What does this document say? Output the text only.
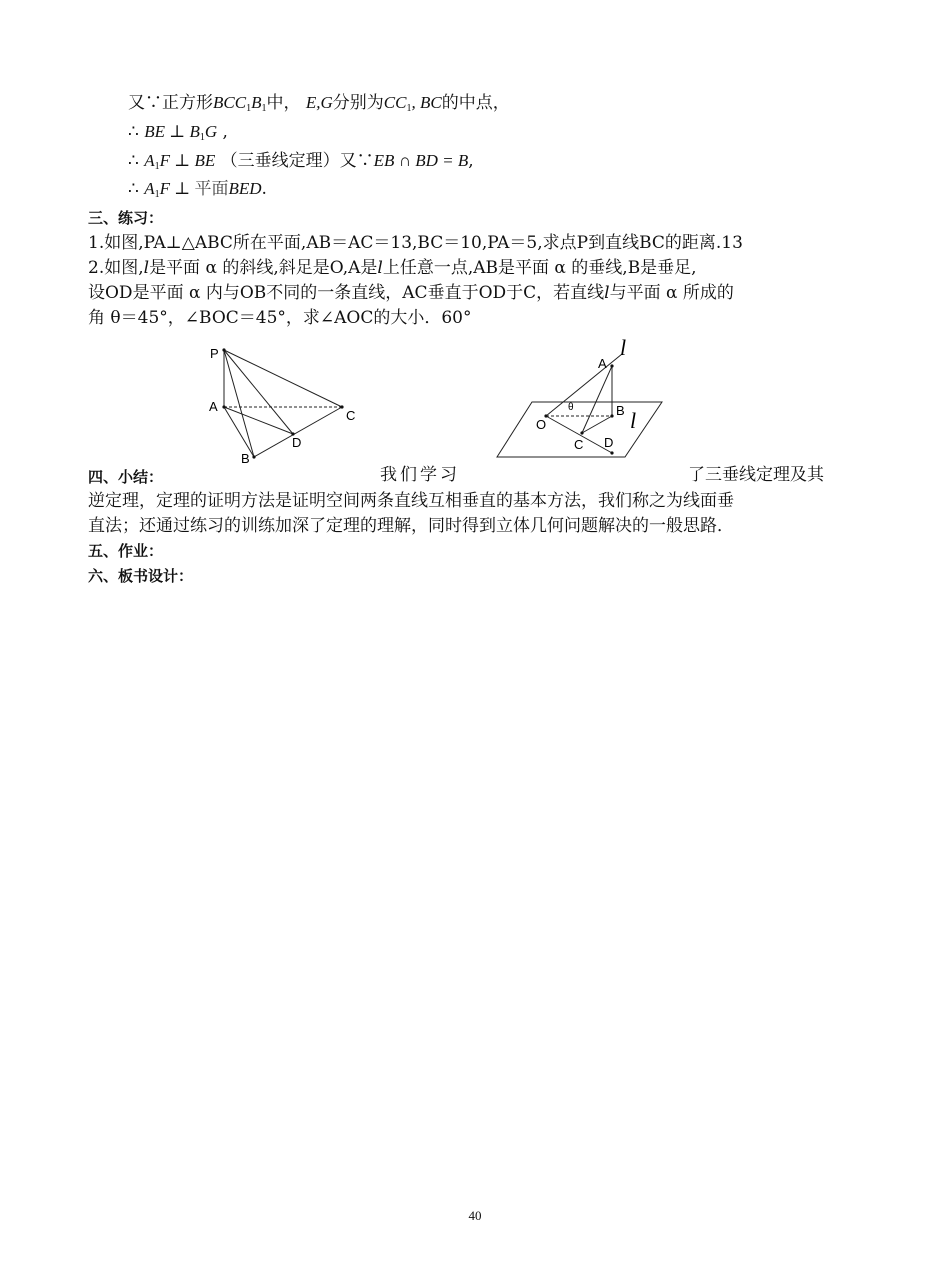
又∵正方形$BCC_1B_1$中， E,G分别为$CC_1$, BC的中点，
∴ BE ⊥ $B_1G$ ,
∴ $A_1F$ ⊥ BE （三垂线定理）又∵EB ∩ BD = B,
∴ $A_1F$ ⊥ 平面BED.
三、练习：
1.如图,PA⊥△ABC所在平面,AB＝AC＝13,BC＝10,PA＝5,求点P到直线BC的距离.13
2.如图,l是平面 α 的斜线,斜足是O,A是l上任意一点,AB是平面 α 的垂线,B是垂足,
设OD是平面 α 内与OB不同的一条直线，AC垂直于OD于C，若直线l与平面 α 所成的
角 θ＝45°，∠BOC＝45°，求∠AOC的大小．60°
P
A
C
D
B
l
A
B
θ
O
C D
l
四、小结：	我们学习	了三垂线定理及其
逆定理，定理的证明方法是证明空间两条直线互相垂直的基本方法，我们称之为线面垂
直法；还通过练习的训练加深了定理的理解，同时得到立体几何问题解决的一般思路．
五、作业：
六、板书设计：
40
